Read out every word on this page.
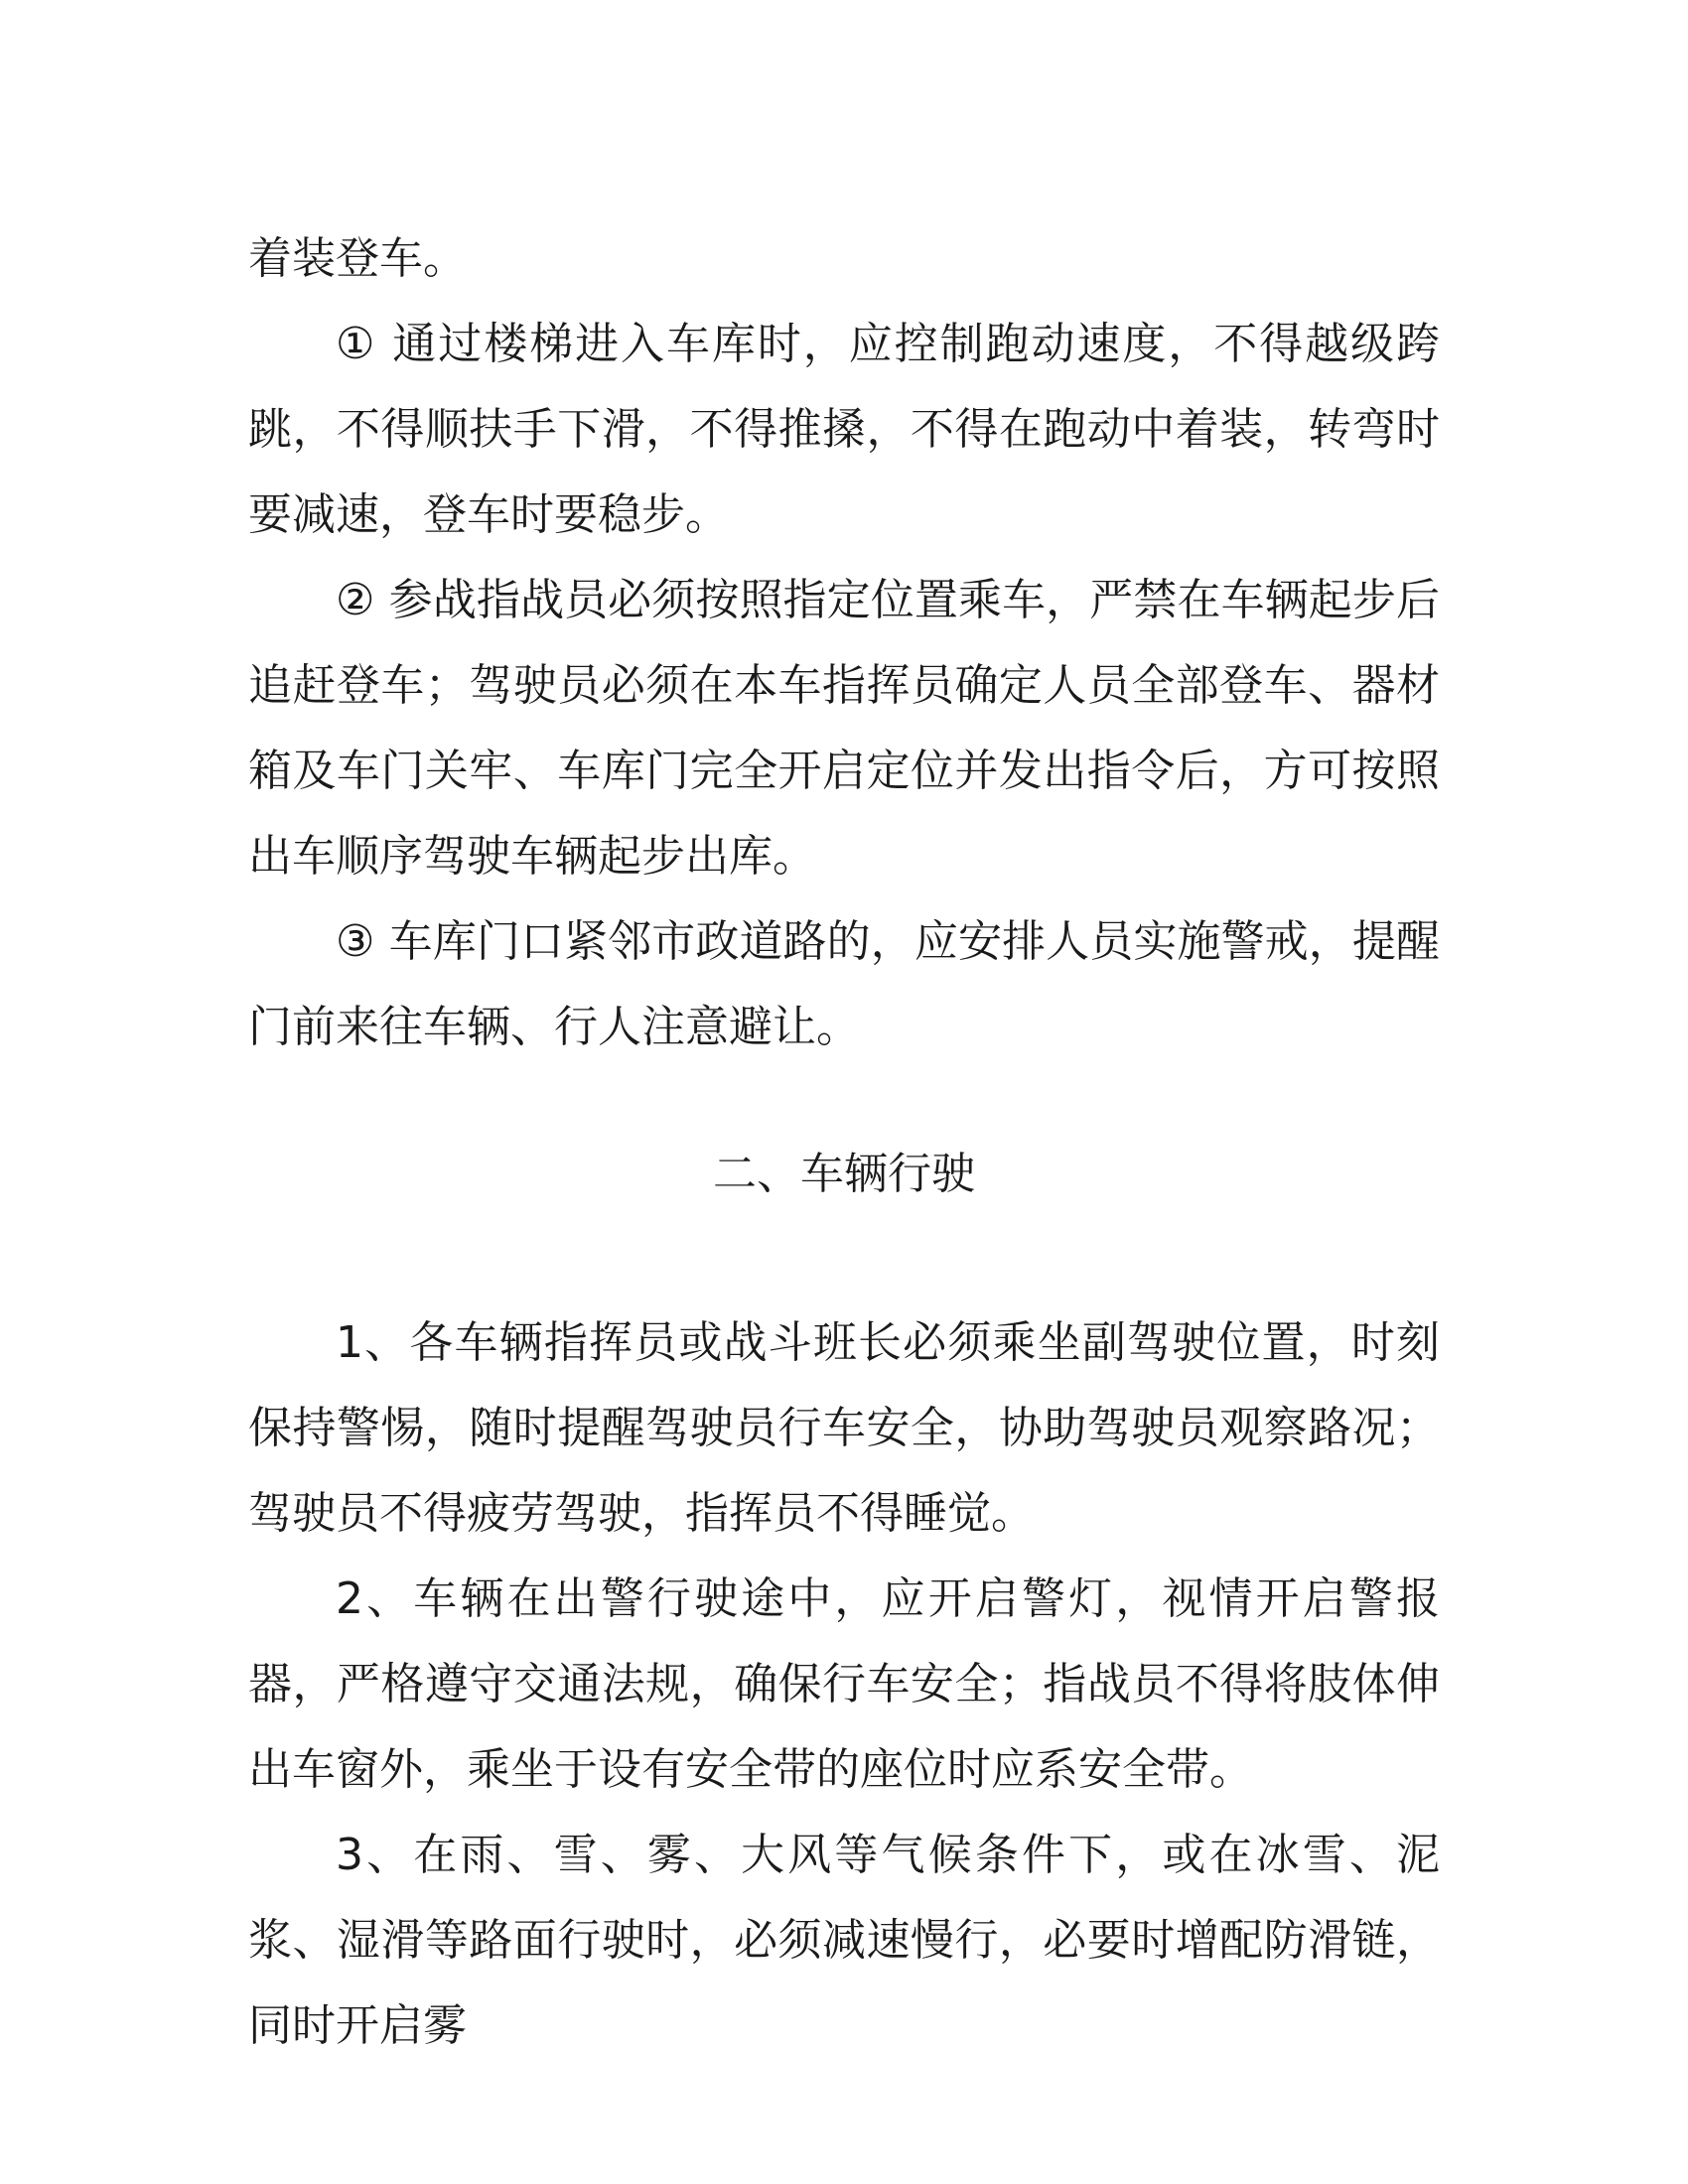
着装登车。

① 通过楼梯进入车库时，应控制跑动速度，不得越级跨跳，不得顺扶手下滑，不得推搡，不得在跑动中着装，转弯时要减速，登车时要稳步。

② 参战指战员必须按照指定位置乘车，严禁在车辆起步后追赶登车；驾驶员必须在本车指挥员确定人员全部登车、器材箱及车门关牢、车库门完全开启定位并发出指令后，方可按照出车顺序驾驶车辆起步出库。

③ 车库门口紧邻市政道路的，应安排人员实施警戒，提醒门前来往车辆、行人注意避让。

二、车辆行驶

1、各车辆指挥员或战斗班长必须乘坐副驾驶位置，时刻保持警惕，随时提醒驾驶员行车安全，协助驾驶员观察路况；驾驶员不得疲劳驾驶，指挥员不得睡觉。

2、车辆在出警行驶途中，应开启警灯，视情开启警报器，严格遵守交通法规，确保行车安全；指战员不得将肢体伸出车窗外，乘坐于设有安全带的座位时应系安全带。

3、在雨、雪、雾、大风等气候条件下，或在冰雪、泥浆、湿滑等路面行驶时，必须减速慢行，必要时增配防滑链，同时开启雾
